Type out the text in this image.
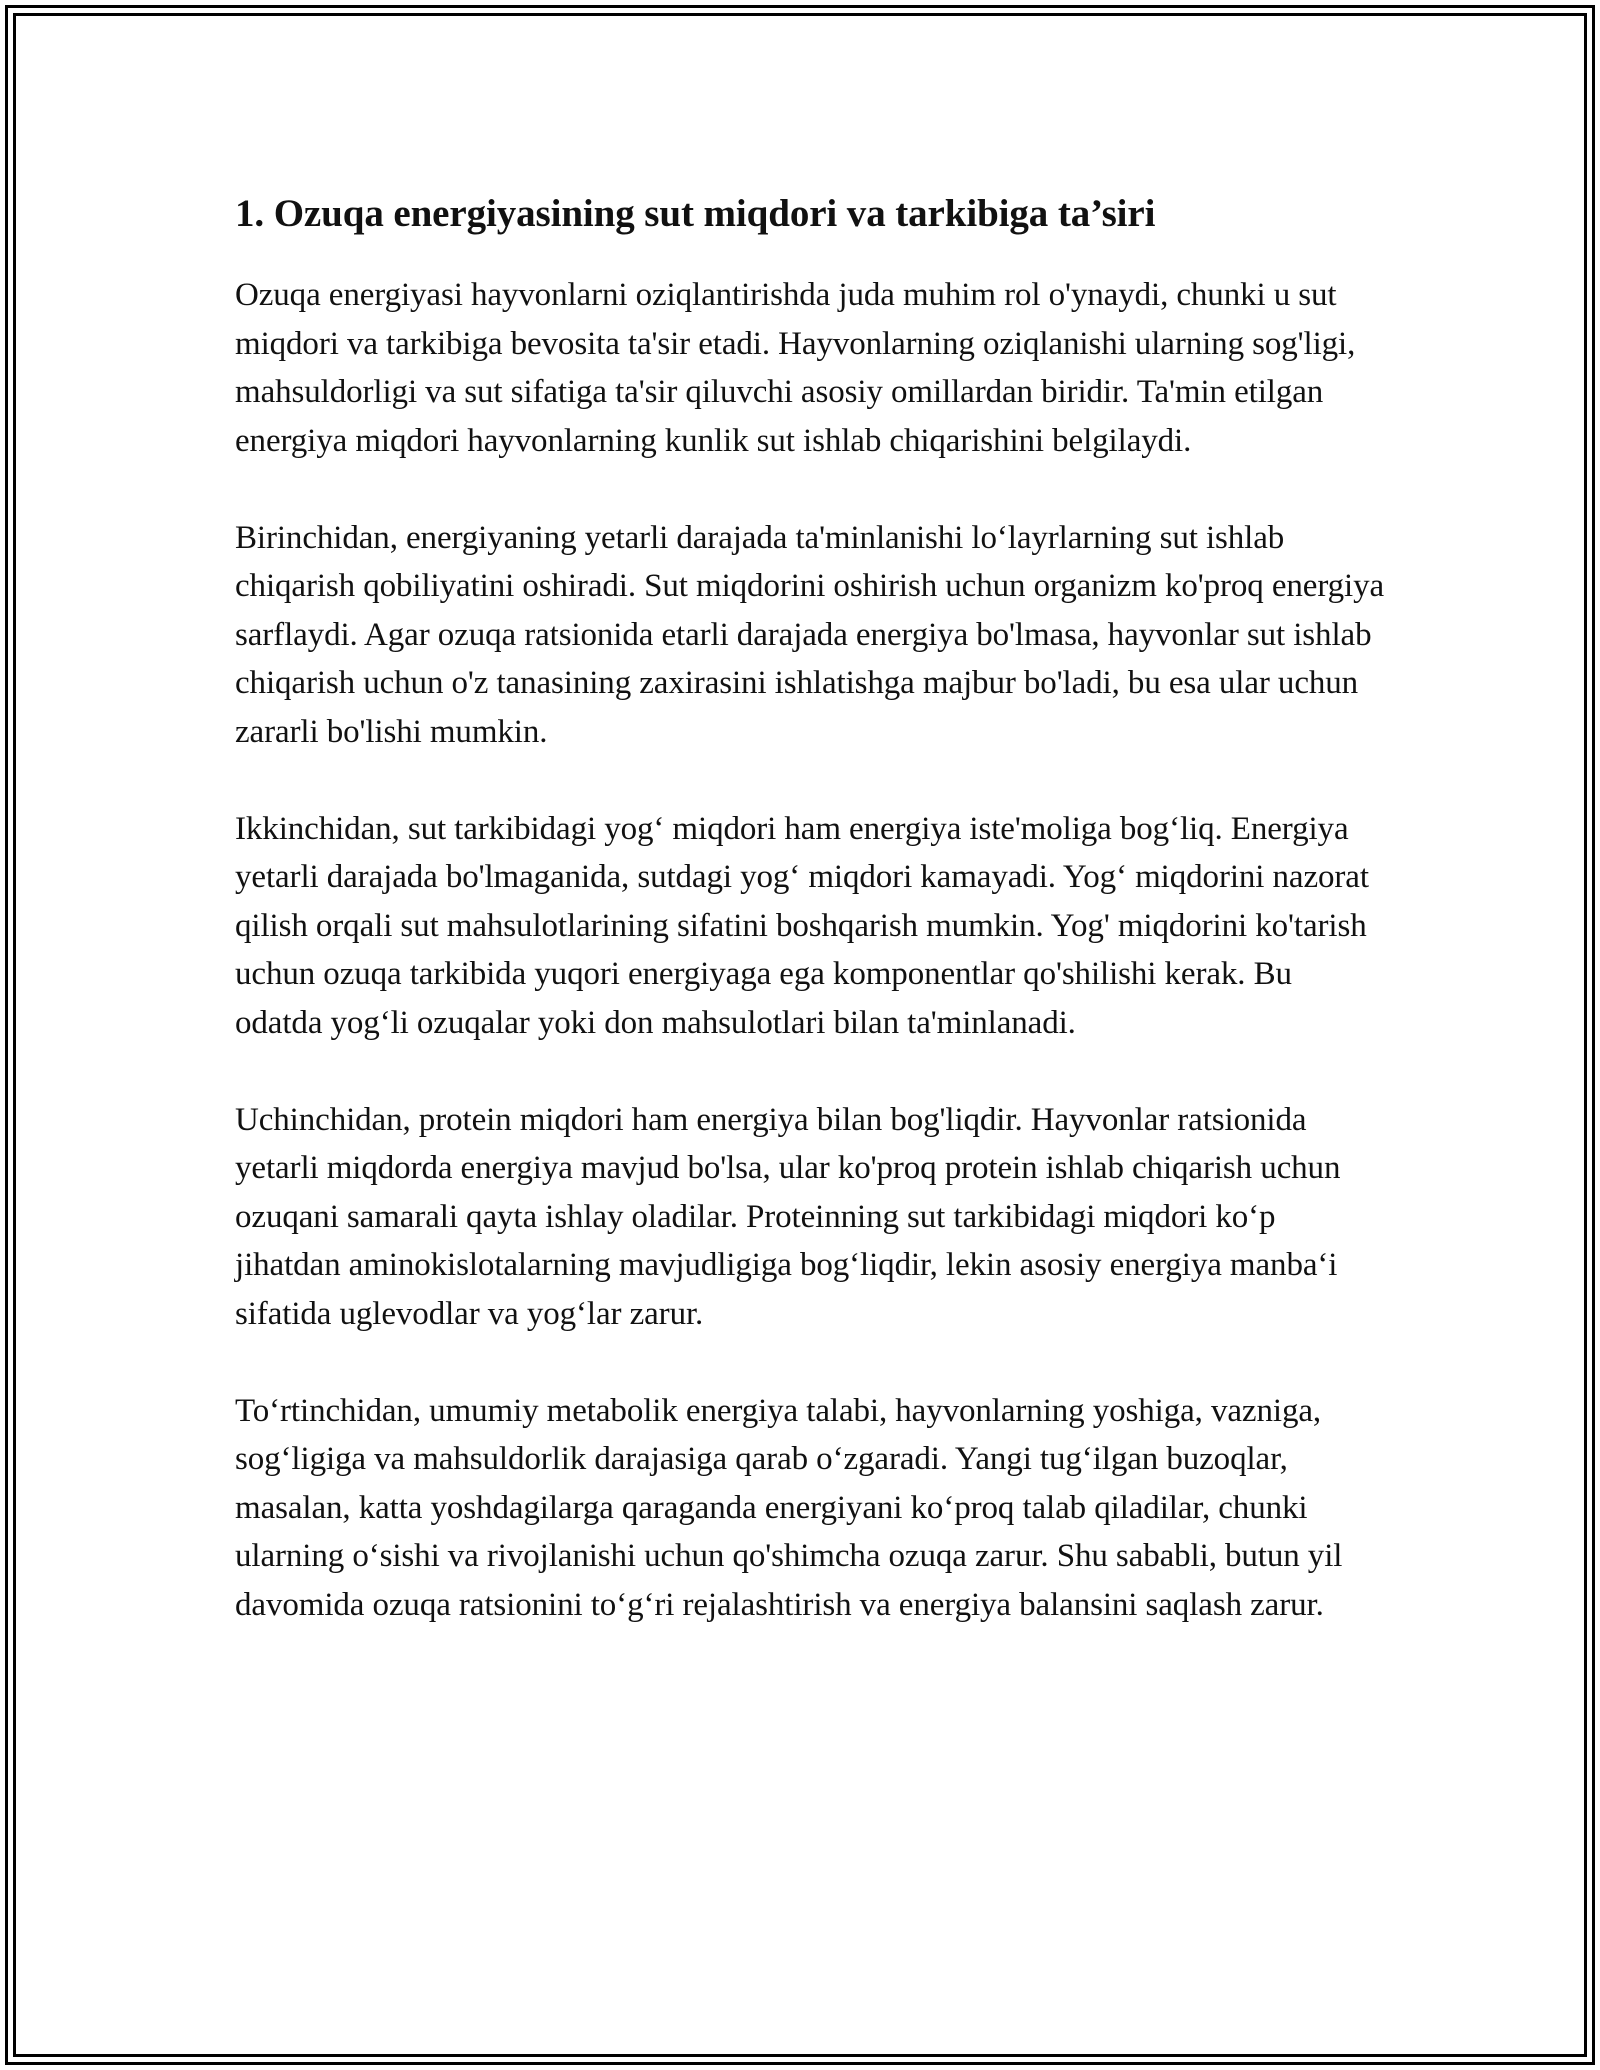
1. Ozuqa energiyasining sut miqdori va tarkibiga ta’siri

Ozuqa energiyasi hayvonlarni oziqlantirishda juda muhim rol o'ynaydi, chunki u sut miqdori va tarkibiga bevosita ta'sir etadi. Hayvonlarning oziqlanishi ularning sog'ligi, mahsuldorligi va sut sifatiga ta'sir qiluvchi asosiy omillardan biridir. Ta'min etilgan energiya miqdori hayvonlarning kunlik sut ishlab chiqarishini belgilaydi.

Birinchidan, energiyaning yetarli darajada ta'minlanishi lo‘layrlarning sut ishlab chiqarish qobiliyatini oshiradi. Sut miqdorini oshirish uchun organizm ko'proq energiya sarflaydi. Agar ozuqa ratsionida etarli darajada energiya bo'lmasa, hayvonlar sut ishlab chiqarish uchun o'z tanasining zaxirasini ishlatishga majbur bo'ladi, bu esa ular uchun zararli bo'lishi mumkin.

Ikkinchidan, sut tarkibidagi yog‘ miqdori ham energiya iste'moliga bog‘liq. Energiya yetarli darajada bo'lmaganida, sutdagi yog‘ miqdori kamayadi. Yog‘ miqdorini nazorat qilish orqali sut mahsulotlarining sifatini boshqarish mumkin. Yog' miqdorini ko'tarish uchun ozuqa tarkibida yuqori energiyaga ega komponentlar qo'shilishi kerak. Bu odatda yog‘li ozuqalar yoki don mahsulotlari bilan ta'minlanadi.

Uchinchidan, protein miqdori ham energiya bilan bog'liqdir. Hayvonlar ratsionida yetarli miqdorda energiya mavjud bo'lsa, ular ko'proq protein ishlab chiqarish uchun ozuqani samarali qayta ishlay oladilar. Proteinning sut tarkibidagi miqdori ko‘p jihatdan aminokislotalarning mavjudligiga bog‘liqdir, lekin asosiy energiya manba‘i sifatida uglevodlar va yog‘lar zarur.

To‘rtinchidan, umumiy metabolik energiya talabi, hayvonlarning yoshiga, vazniga, sog‘ligiga va mahsuldorlik darajasiga qarab o‘zgaradi. Yangi tug‘ilgan buzoqlar, masalan, katta yoshdagilarga qaraganda energiyani ko‘proq talab qiladilar, chunki ularning o‘sishi va rivojlanishi uchun qo'shimcha ozuqa zarur. Shu sababli, butun yil davomida ozuqa ratsionini to‘g‘ri rejalashtirish va energiya balansini saqlash zarur.
